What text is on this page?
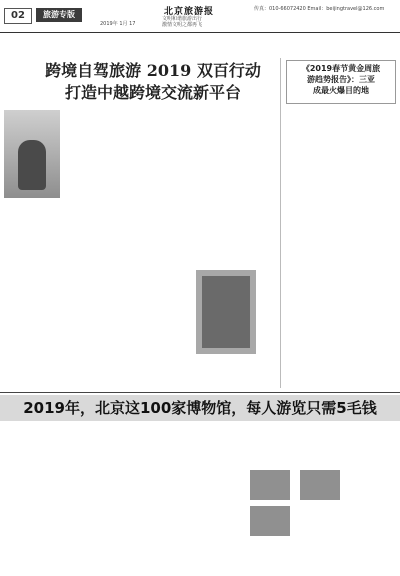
02	旅游专版	北京旅游报
2019年 1月 17
文明和谐旅游出行
激情文明之都再飞
传真：010-66072420 Email：beijingtravel@126.com
跨境自驾旅游 2019 双百行动
打造中越跨境交流新平台
《2019春节黄金周旅
游趋势报告》：三亚
成最火爆目的地
2019年，北京这100家博物馆，每人游览只需5毛钱
